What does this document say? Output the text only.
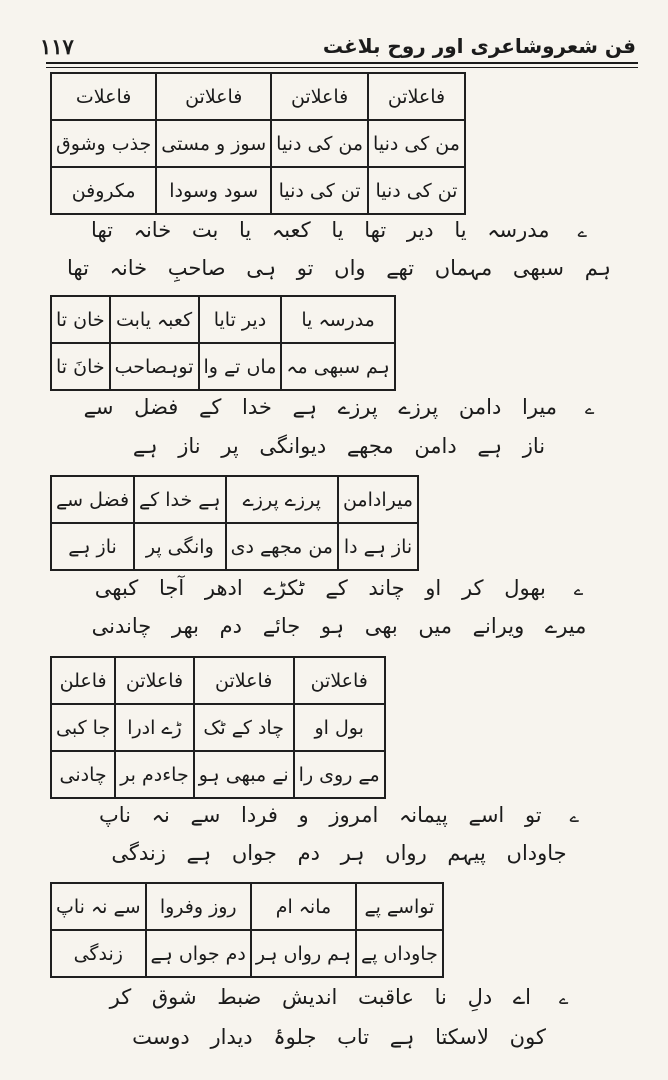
١١٧	فن شعروشاعری اور روح بلاغت
فاعلاتن	فاعلاتن	فاعلاتن	فاعلات
من کی دنیا	من کی دنیا	سوز و مستی	جذب وشوق
تن کی دنیا	تن کی دنیا	سود وسودا	مکروفن
ےمدرسہ یا دیر تھا یا کعبہ یا بت خانہ تھا
ہم سبھی مہماں تھے واں تو ہی صاحبِ خانہ تھا
مدرسہ یا	دیر تایا	کعبہ یابت	خان تا
ہم سبھی مہ	ماں تے وا	توہصاحب	خانَ تا
ےمیرا دامن پرزے پرزے ہے خدا کے فضل سے
ناز ہے دامن مجھے دیوانگی پر ناز ہے
میرادامن	پرزے پرزے	ہے خدا کے	فضل سے
ناز ہے دا	من مجھے دی	وانگی پر	ناز ہے
ےبھول کر او چاند کے ٹکڑے ادھر آجا کبھی
میرے ویرانے میں بھی ہو جائے دم بھر چاندنی
فاعلاتن	فاعلاتن	فاعلاتن	فاعلن
بول او	چاد کے ٹک	ڑے ادرا	جا کبی
مے روی را	نے مبھی ہو	جاءدم بر	چادنی
ےتو اسے پیمانہ امروز و فردا سے نہ ناپ
جاوداں پیہم رواں ہر دم جواں ہے زندگی
تواسے پے	مانہ ام	روز وفروا	سے نہ ناپ
جاوداں پے	ہم رواں ہر	دم جواں ہے	زندگی
ےاے دلِ نا عاقبت اندیش ضبط شوق کر
کون لاسکتا ہے تاب جلوۂ دیدار دوست
